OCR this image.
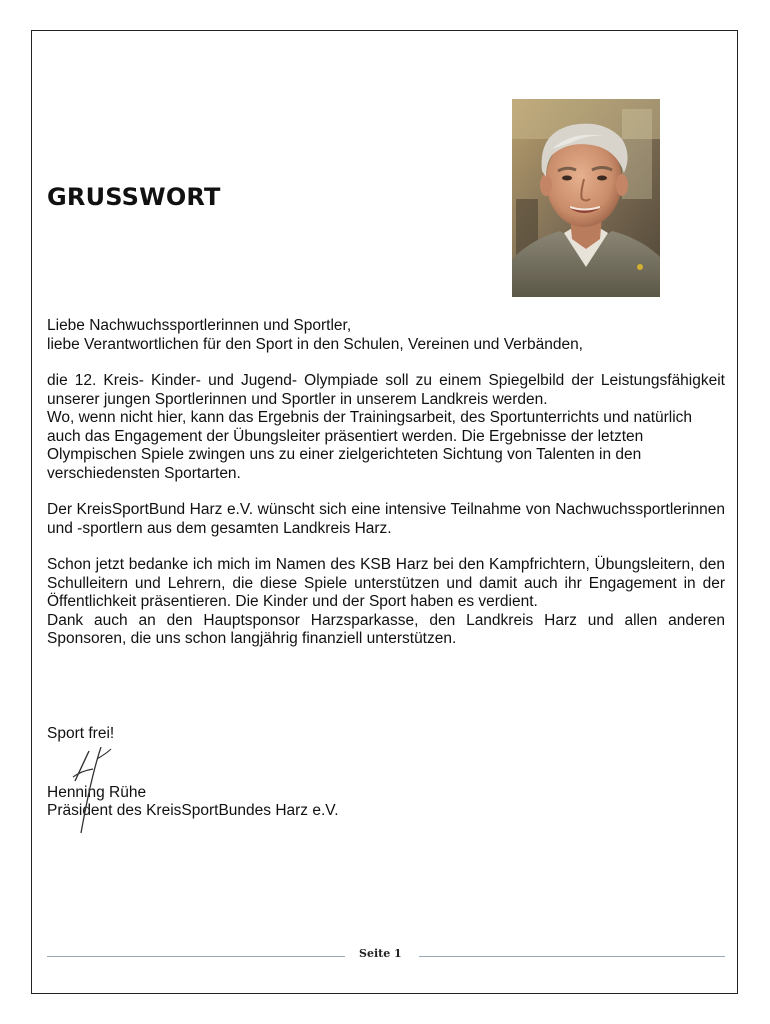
GRUSSWORT

Liebe Nachwuchssportlerinnen und Sportler,

liebe Verantwortlichen für den Sport in den Schulen, Vereinen und Verbänden,

die 12. Kreis- Kinder- und Jugend- Olympiade soll zu einem Spiegelbild der Leistungsfähigkeit unserer jungen Sportlerinnen und Sportler in unserem Landkreis werden.

Wo, wenn nicht hier, kann das Ergebnis der Trainingsarbeit, des Sportunterrichts und natürlich auch das Engagement der Übungsleiter präsentiert werden. Die Ergebnisse der letzten Olympischen Spiele zwingen uns zu einer zielgerichteten Sichtung von Talenten in den verschiedensten Sportarten.

Der KreisSportBund Harz e.V. wünscht sich eine intensive Teilnahme von Nachwuchssportlerinnen und -sportlern aus dem gesamten Landkreis Harz.

Schon jetzt bedanke ich mich im Namen des KSB Harz bei den Kampfrichtern, Übungsleitern, den Schulleitern und Lehrern, die diese Spiele unterstützen und damit auch ihr Engagement in der Öffentlichkeit präsentieren. Die Kinder und der Sport haben es verdient.

Dank auch an den Hauptsponsor Harzsparkasse, den Landkreis Harz und allen anderen Sponsoren, die uns schon langjährig finanziell unterstützen.

Sport frei!

Henning Rühe

Präsident des KreisSportBundes Harz e.V.

Seite 1
